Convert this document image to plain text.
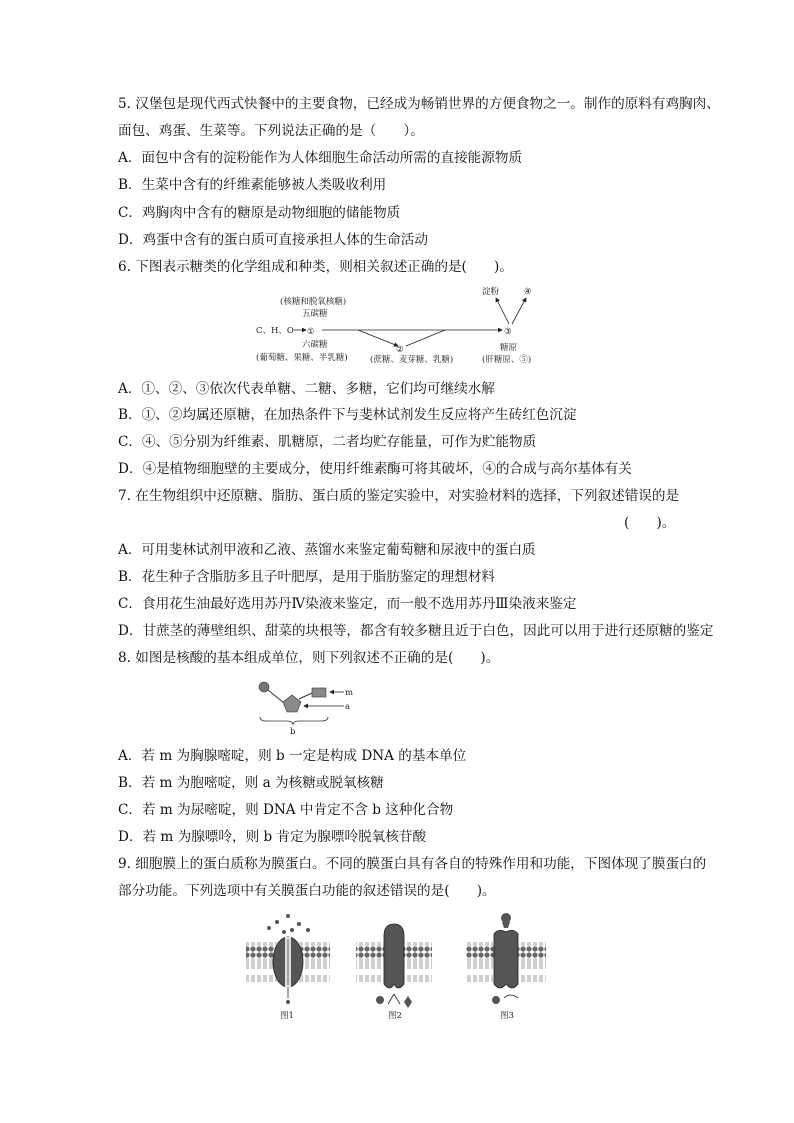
5. 汉堡包是现代西式快餐中的主要食物，已经成为畅销世界的方便食物之一。制作的原料有鸡胸肉、
面包、鸡蛋、生菜等。下列说法正确的是（　　）。
A．面包中含有的淀粉能作为人体细胞生命活动所需的直接能源物质
B．生菜中含有的纤维素能够被人类吸收利用
C．鸡胸肉中含有的糖原是动物细胞的储能物质
D．鸡蛋中含有的蛋白质可直接承担人体的生命活动
6. 下图表示糖类的化学组成和种类，则相关叙述正确的是(　　)。
C、H、O ①
(核糖和脱氧核糖)
五碳糖
六碳糖
(葡萄糖、果糖、半乳糖)
②
(蔗糖、麦芽糖、乳糖)
③
淀粉	④
糖原
(肝糖原、⑤)
A．①、②、③依次代表单糖、二糖、多糖，它们均可继续水解
B．①、②均属还原糖，在加热条件下与斐林试剂发生反应将产生砖红色沉淀
C．④、⑤分别为纤维素、肌糖原，二者均贮存能量，可作为贮能物质
D．④是植物细胞壁的主要成分，使用纤维素酶可将其破坏，④的合成与高尔基体有关
7. 在生物组织中还原糖、脂肪、蛋白质的鉴定实验中，对实验材料的选择，下列叙述错误的是
(　　)。
A．可用斐林试剂甲液和乙液、蒸馏水来鉴定葡萄糖和尿液中的蛋白质
B．花生种子含脂肪多且子叶肥厚，是用于脂肪鉴定的理想材料
C．食用花生油最好选用苏丹Ⅳ染液来鉴定，而一般不选用苏丹Ⅲ染液来鉴定
D．甘蔗茎的薄壁组织、甜菜的块根等，都含有较多糖且近于白色，因此可以用于进行还原糖的鉴定
8. 如图是核酸的基本组成单位，则下列叙述不正确的是(　　)。
m
a
b
A．若 m 为胸腺嘧啶，则 b 一定是构成 DNA 的基本单位
B．若 m 为胞嘧啶，则 a 为核糖或脱氧核糖
C．若 m 为尿嘧啶，则 DNA 中肯定不含 b 这种化合物
D．若 m 为腺嘌呤，则 b 肯定为腺嘌呤脱氧核苷酸
9. 细胞膜上的蛋白质称为膜蛋白。不同的膜蛋白具有各自的特殊作用和功能，下图体现了膜蛋白的
部分功能。下列选项中有关膜蛋白功能的叙述错误的是(　　)。
图1	图2	图3
